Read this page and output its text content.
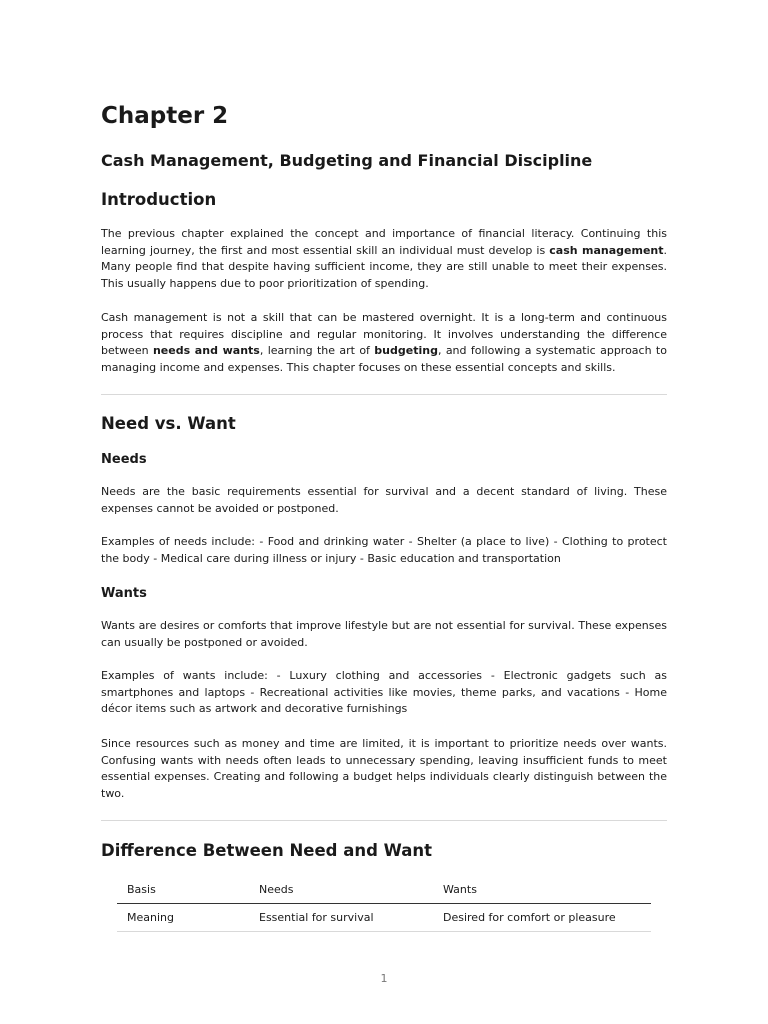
Chapter 2
Cash Management, Budgeting and Financial Discipline
Introduction

The previous chapter explained the concept and importance of financial literacy. Continuing this learning journey, the first and most essential skill an individual must develop is cash management. Many people find that despite having sufficient income, they are still unable to meet their expenses. This usually happens due to poor prioritization of spending.

Cash management is not a skill that can be mastered overnight. It is a long-term and continuous process that requires discipline and regular monitoring. It involves understanding the difference between needs and wants, learning the art of budgeting, and following a systematic approach to managing income and expenses. This chapter focuses on these essential concepts and skills.

Need vs. Want
Needs

Needs are the basic requirements essential for survival and a decent standard of living. These expenses cannot be avoided or postponed.

Examples of needs include: - Food and drinking water - Shelter (a place to live) - Clothing to protect the body - Medical care during illness or injury - Basic education and transportation

Wants

Wants are desires or comforts that improve lifestyle but are not essential for survival. These expenses can usually be postponed or avoided.

Examples of wants include: - Luxury clothing and accessories - Electronic gadgets such as smartphones and laptops - Recreational activities like movies, theme parks, and vacations - Home décor items such as artwork and decorative furnishings

Since resources such as money and time are limited, it is important to prioritize needs over wants. Confusing wants with needs often leads to unnecessary spending, leaving insufficient funds to meet essential expenses. Creating and following a budget helps individuals clearly distinguish between the two.

Difference Between Need and Want
Basis	Needs	Wants
Meaning	Essential for survival	Desired for comfort or pleasure
1
